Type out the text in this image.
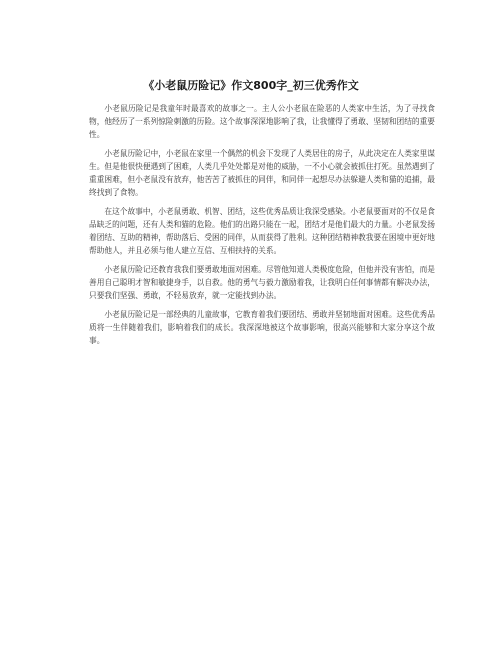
《小老鼠历险记》作文800字_初三优秀作文

小老鼠历险记是我童年时最喜欢的故事之一。主人公小老鼠在险恶的人类家中生活，为了寻找食物，他经历了一系列惊险刺激的历险。这个故事深深地影响了我，让我懂得了勇敢、坚韧和团结的重要性。

小老鼠历险记中，小老鼠在家里一个偶然的机会下发现了人类居住的房子，从此决定在人类家里谋生。但是他很快便遇到了困难，人类几乎处处都是对他的威胁，一不小心就会被抓住打死。虽然遇到了重重困难，但小老鼠没有放弃，他苦苦了被抓住的同伴，和同伴一起想尽办法躲避人类和猫的追捕，最终找到了食物。

在这个故事中，小老鼠勇敢、机智、团结，这些优秀品质让我深受感染。小老鼠要面对的不仅是食品缺乏的问题，还有人类和猫的危险。他们的出路只能在一起，团结才是他们最大的力量。小老鼠发扬着团结、互助的精神，帮助落后、受困的同伴，从而获得了胜利。这种团结精神教我要在困境中更好地帮助他人，并且必须与他人建立互信、互相扶持的关系。

小老鼠历险记还教育我我们要勇敢地面对困难。尽管他知道人类极度危险，但他并没有害怕，而是善用自己聪明才智和敏捷身手，以自救。他的勇气与毅力激励着我，让我明白任何事情都有解决办法，只要我们坚强、勇敢，不轻易放弃，就一定能找到办法。

小老鼠历险记是一部经典的儿童故事，它教育着我们要团结、勇敢并坚韧地面对困难。这些优秀品质将一生伴随着我们，影响着我们的成长。我深深地被这个故事影响，很高兴能够和大家分享这个故事。
